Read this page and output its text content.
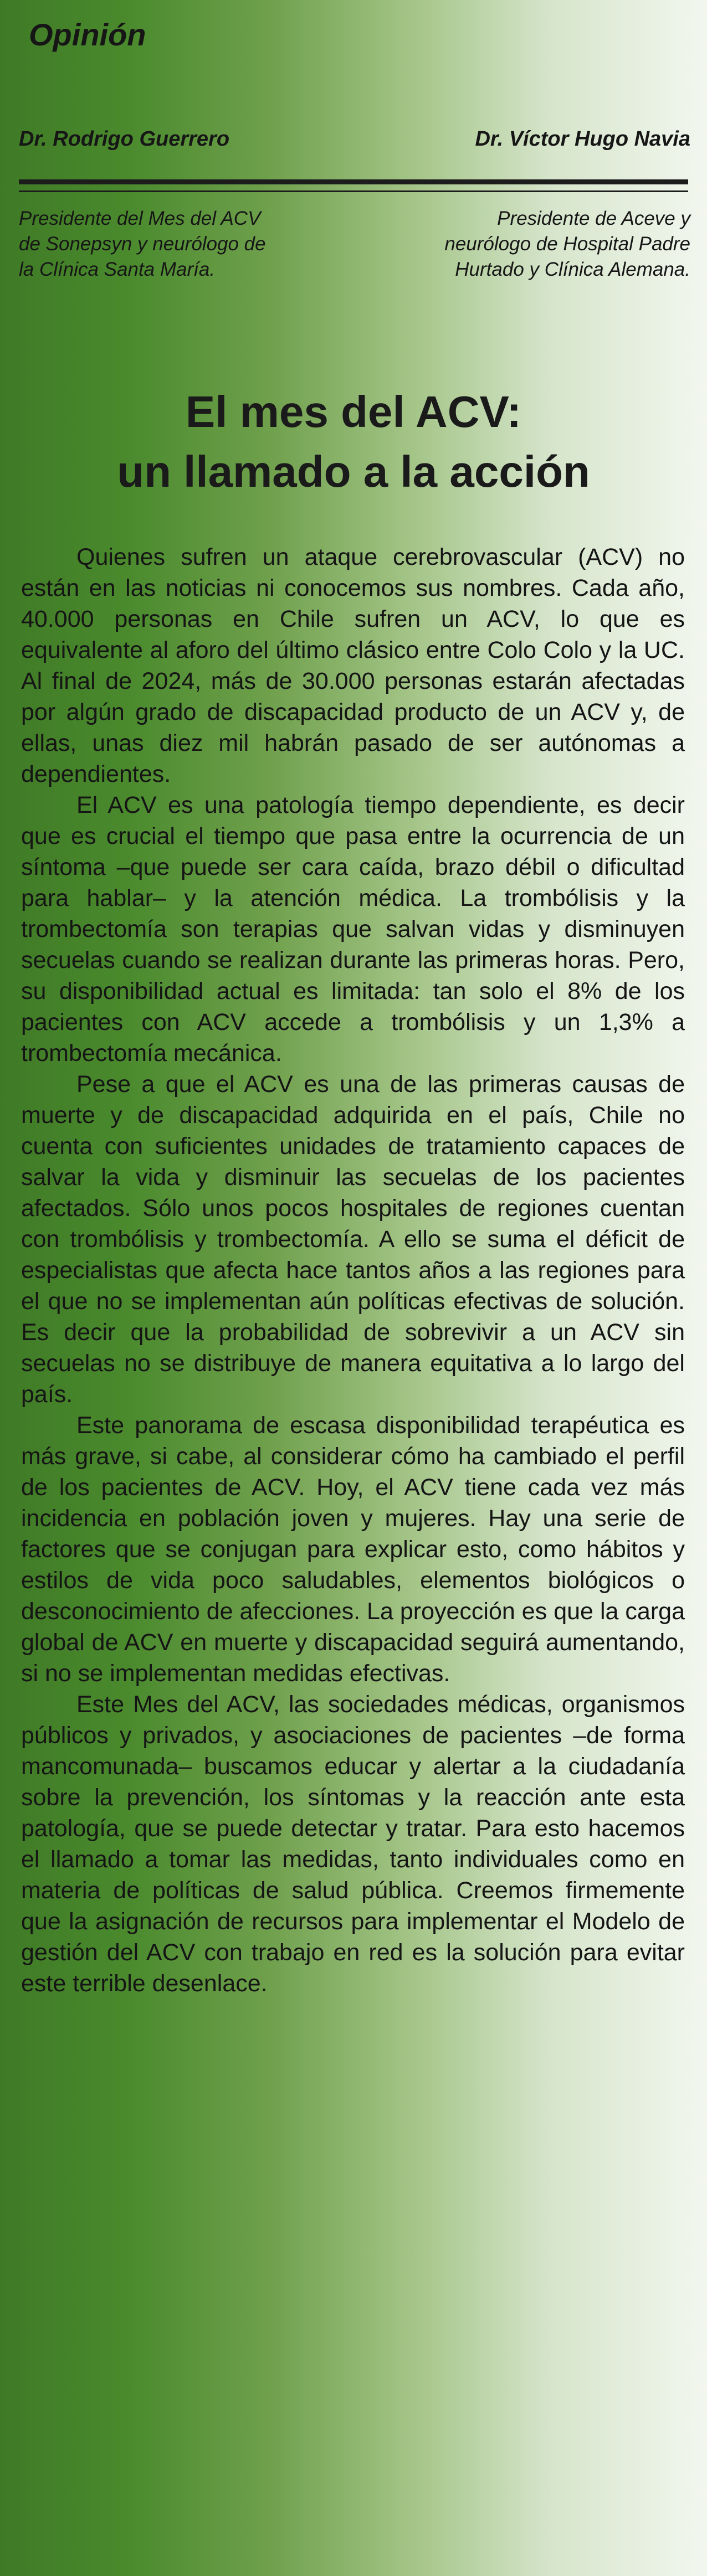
Opinión
Dr. Rodrigo Guerrero	Dr. Víctor Hugo Navia
Presidente del Mes del ACV
de Sonepsyn y neurólogo de
la Clínica Santa María.
Presidente de Aceve y
neurólogo de Hospital Padre
Hurtado y Clínica Alemana.
El mes del ACV:
un llamado a la acción

Quienes sufren un ataque cerebrovascular (ACV) no están en las noticias ni conocemos sus nombres. Cada año, 40.000 personas en Chile sufren un ACV, lo que es equivalente al aforo del último clásico entre Colo Colo y la UC. Al final de 2024, más de 30.000 personas estarán afectadas por algún grado de discapacidad producto de un ACV y, de ellas, unas diez mil habrán pasado de ser autónomas a dependientes.

El ACV es una patología tiempo dependiente, es decir que es crucial el tiempo que pasa entre la ocurrencia de un síntoma –que puede ser cara caída, brazo débil o dificultad para hablar– y la atención médica. La trombólisis y la trombectomía son terapias que salvan vidas y disminuyen secuelas cuando se realizan durante las primeras horas. Pero, su disponibilidad actual es limitada: tan solo el 8% de los pacientes con ACV accede a trombólisis y un 1,3% a trombectomía mecánica.

Pese a que el ACV es una de las primeras causas de muerte y de discapacidad adquirida en el país, Chile no cuenta con suficientes unidades de tratamiento capaces de salvar la vida y disminuir las secuelas de los pacientes afectados. Sólo unos pocos hospitales de regiones cuentan con trombólisis y trombectomía. A ello se suma el déficit de especialistas que afecta hace tantos años a las regiones para el que no se implementan aún políticas efectivas de solución. Es decir que la probabilidad de sobrevivir a un ACV sin secuelas no se distribuye de manera equitativa a lo largo del país.

Este panorama de escasa disponibilidad terapéutica es más grave, si cabe, al considerar cómo ha cambiado el perfil de los pacientes de ACV. Hoy, el ACV tiene cada vez más incidencia en población joven y mujeres. Hay una serie de factores que se conjugan para explicar esto, como hábitos y estilos de vida poco saludables, elementos biológicos o desconocimiento de afecciones. La proyección es que la carga global de ACV en muerte y discapacidad seguirá aumentando, si no se implementan medidas efectivas.

Este Mes del ACV, las sociedades médicas, organismos públicos y privados, y asociaciones de pacientes –de forma mancomunada– buscamos educar y alertar a la ciudadanía sobre la prevención, los síntomas y la reacción ante esta patología, que se puede detectar y tratar. Para esto hacemos el llamado a tomar las medidas, tanto individuales como en materia de políticas de salud pública. Creemos firmemente que la asignación de recursos para implementar el Modelo de gestión del ACV con trabajo en red es la solución para evitar este terrible desenlace.
